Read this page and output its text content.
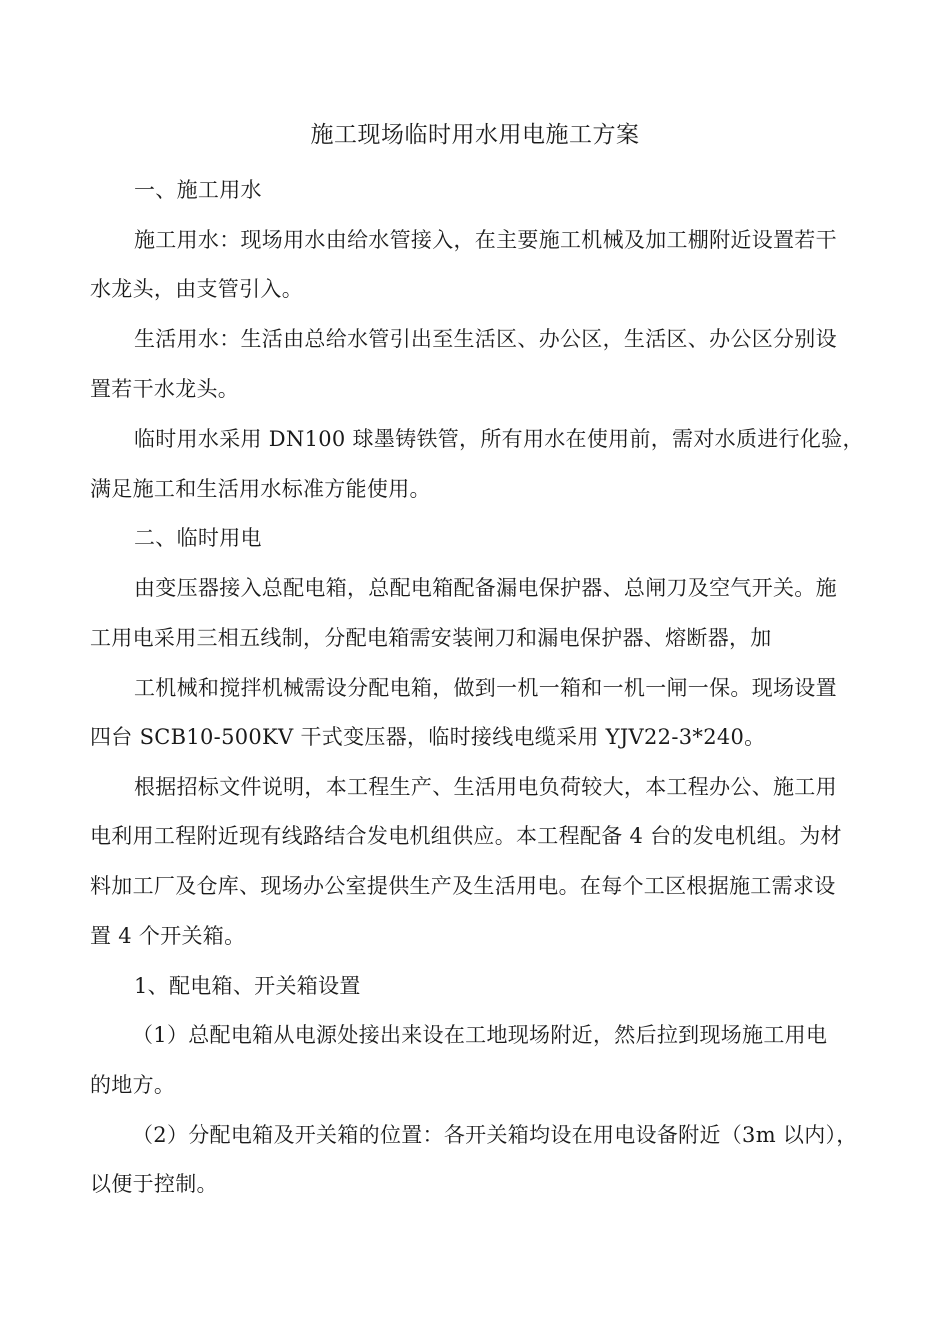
施工现场临时用水用电施工方案
一、施工用水
施工用水：现场用水由给水管接入，在主要施工机械及加工棚附近设置若干
水龙头，由支管引入。
生活用水：生活由总给水管引出至生活区、办公区，生活区、办公区分别设
置若干水龙头。
临时用水采用 DN100 球墨铸铁管，所有用水在使用前，需对水质进行化验，
满足施工和生活用水标准方能使用。
二、临时用电
由变压器接入总配电箱，总配电箱配备漏电保护器、总闸刀及空气开关。施
工用电采用三相五线制，分配电箱需安装闸刀和漏电保护器、熔断器，加
工机械和搅拌机械需设分配电箱，做到一机一箱和一机一闸一保。现场设置
四台 SCB10-500KV 干式变压器，临时接线电缆采用 YJV22-3*240。
根据招标文件说明，本工程生产、生活用电负荷较大，本工程办公、施工用
电利用工程附近现有线路结合发电机组供应。本工程配备 4 台的发电机组。为材
料加工厂及仓库、现场办公室提供生产及生活用电。在每个工区根据施工需求设
置 4 个开关箱。
1、配电箱、开关箱设置
（1）总配电箱从电源处接出来设在工地现场附近，然后拉到现场施工用电
的地方。
（2）分配电箱及开关箱的位置：各开关箱均设在用电设备附近（3m 以内），
以便于控制。
